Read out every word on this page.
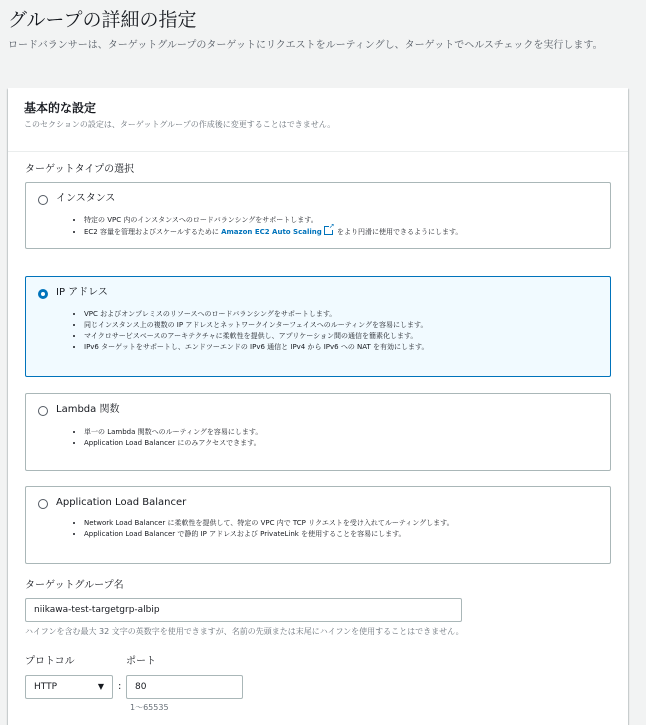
グループの詳細の指定

ロードバランサーは、ターゲットグループのターゲットにリクエストをルーティングし、ターゲットでヘルスチェックを実行します。

基本的な設定
このセクションの設定は、ターゲットグループの作成後に変更することはできません。
ターゲットタイプの選択
インスタンス
• 特定の VPC 内のインスタンスへのロードバランシングをサポートします。
• EC2 容量を管理およびスケールするために Amazon EC2 Auto Scaling➚ をより円滑に使用できるようにします。
IP アドレス
• VPC およびオンプレミスのリソースへのロードバランシングをサポートします。
• 同じインスタンス上の複数の IP アドレスとネットワークインターフェイスへのルーティングを容易にします。
• マイクロサービスベースのアーキテクチャに柔軟性を提供し、アプリケーション間の通信を簡素化します。
• IPv6 ターゲットをサポートし、エンドツーエンドの IPv6 通信と IPv4 から IPv6 への NAT を有効にします。
Lambda 関数
• 単一の Lambda 関数へのルーティングを容易にします。
• Application Load Balancer にのみアクセスできます。
Application Load Balancer
• Network Load Balancer に柔軟性を提供して、特定の VPC 内で TCP リクエストを受け入れてルーティングします。
• Application Load Balancer で静的 IP アドレスおよび PrivateLink を使用することを容易にします。
ターゲットグループ名
niikawa-test-targetgrp-albip
ハイフンを含む最大 32 文字の英数字を使用できますが、名前の先頭または末尾にハイフンを使用することはできません。
プロトコル	ポート
HTTP	▼ :
80
1〜65535
